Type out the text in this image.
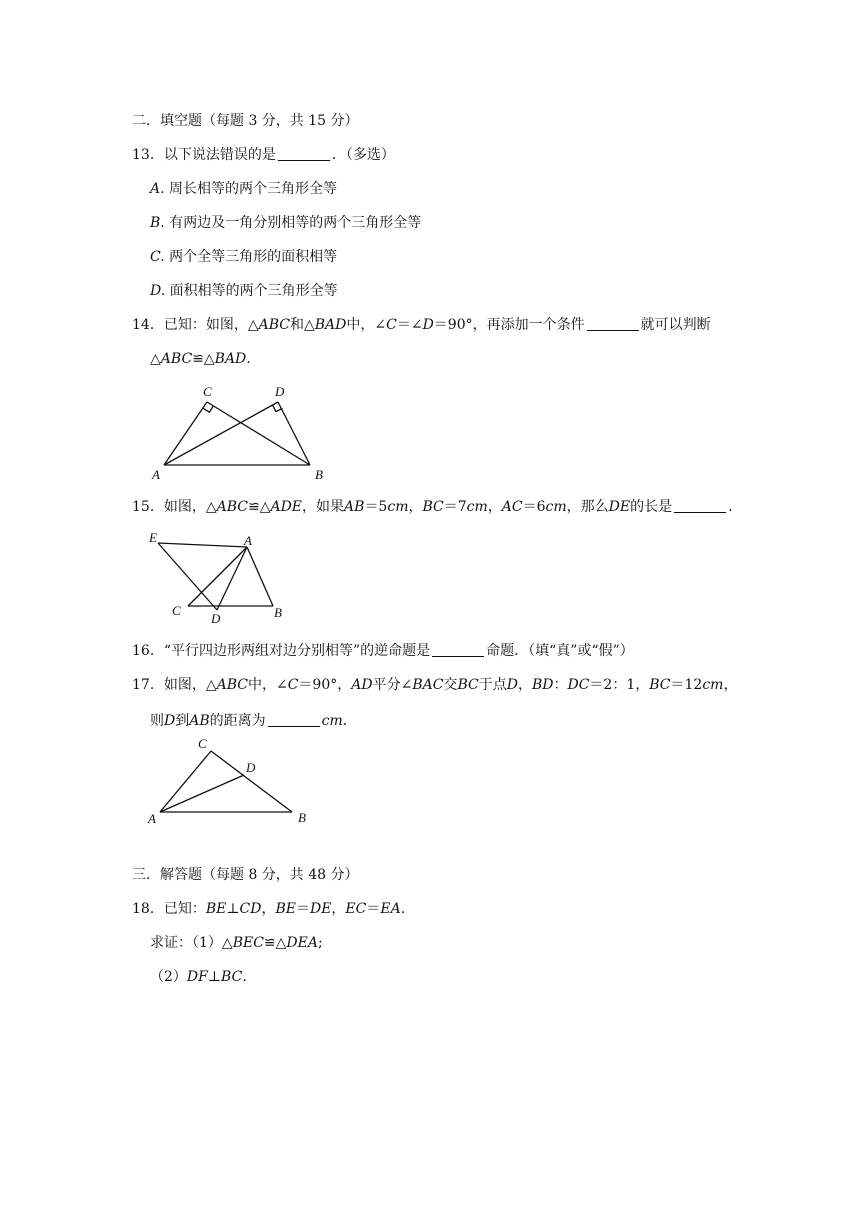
二．填空题（每题 3 分，共 15 分）
13．以下说法错误的是	．（多选）
A. 周长相等的两个三角形全等
B. 有两边及一角分别相等的两个三角形全等
C. 两个全等三角形的面积相等
D. 面积相等的两个三角形全等
14．已知：如图，△ABC和△BAD中，∠C＝∠D＝90°，再添加一个条件	就可以判断
△ABC≌△BAD.
C	D
A	B
15．如图，△ABC≌△ADE，如果AB＝5cm，BC＝7cm，AC＝6cm，那么DE的长是	.
E	A
C
D	B
16．“平行四边形两组对边分别相等”的逆命题是	命题．（填“真”或“假”）
17．如图，△ABC中，∠C＝90°，AD平分∠BAC交BC于点D，BD：DC＝2：1，BC＝12cm，
则D到AB的距离为	cm.
C
D
A	B
三．解答题（每题 8 分，共 48 分）
18．已知：BE⊥CD，BE＝DE，EC＝EA.
求证：（1）△BEC≌△DEA;
（2）DF⊥BC.
